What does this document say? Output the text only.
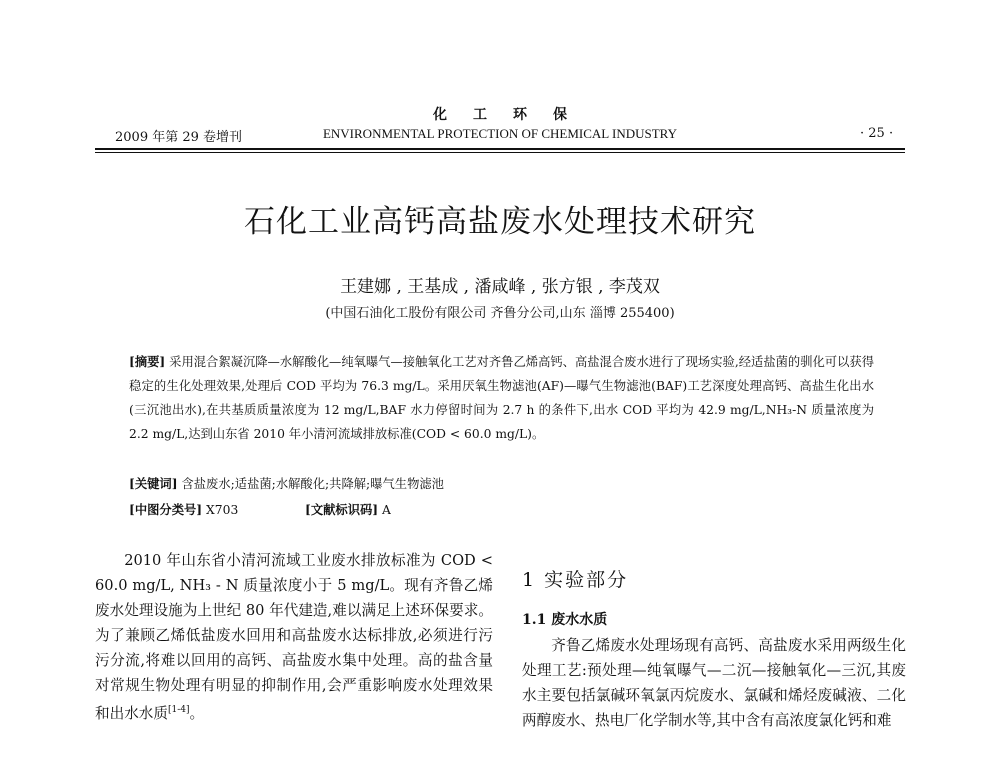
化工环保
2009 年第 29 卷增刊	ENVIRONMENTAL PROTECTION OF CHEMICAL INDUSTRY	· 25 ·
石化工业高钙高盐废水处理技术研究
王建娜 , 王基成 , 潘咸峰 , 张方银 , 李茂双
(中国石油化工股份有限公司 齐鲁分公司,山东 淄博 255400)
[摘要] 采用混合絮凝沉降—水解酸化—纯氧曝气—接触氧化工艺对齐鲁乙烯高钙、高盐混合废水进行了现场实验,经适盐菌的驯化可以获得稳定的生化处理效果,处理后 COD 平均为 76.3 mg/L。采用厌氧生物滤池(AF)—曝气生物滤池(BAF)工艺深度处理高钙、高盐生化出水(三沉池出水),在共基质质量浓度为 12 mg/L,BAF 水力停留时间为 2.7 h 的条件下,出水 COD 平均为 42.9 mg/L,NH₃-N 质量浓度为 2.2 mg/L,达到山东省 2010 年小清河流域排放标准(COD < 60.0 mg/L)。
[关键词] 含盐废水;适盐菌;水解酸化;共降解;曝气生物滤池
[中图分类号] X703	[文献标识码] A

2010 年山东省小清河流域工业废水排放标准为 COD < 60.0 mg/L, NH₃ - N 质量浓度小于 5 mg/L。现有齐鲁乙烯废水处理设施为上世纪 80 年代建造,难以满足上述环保要求。为了兼顾乙烯低盐废水回用和高盐废水达标排放,必须进行污污分流,将难以回用的高钙、高盐废水集中处理。高的盐含量对常规生物处理有明显的抑制作用,会严重影响废水处理效果和出水水质[1-4]。

1 实验部分
1.1 废水水质

齐鲁乙烯废水处理场现有高钙、高盐废水采用两级生化处理工艺:预处理—纯氧曝气—二沉—接触氧化—三沉,其废水主要包括氯碱环氧氯丙烷废水、氯碱和烯烃废碱液、二化两醇废水、热电厂化学制水等,其中含有高浓度氯化钙和难
